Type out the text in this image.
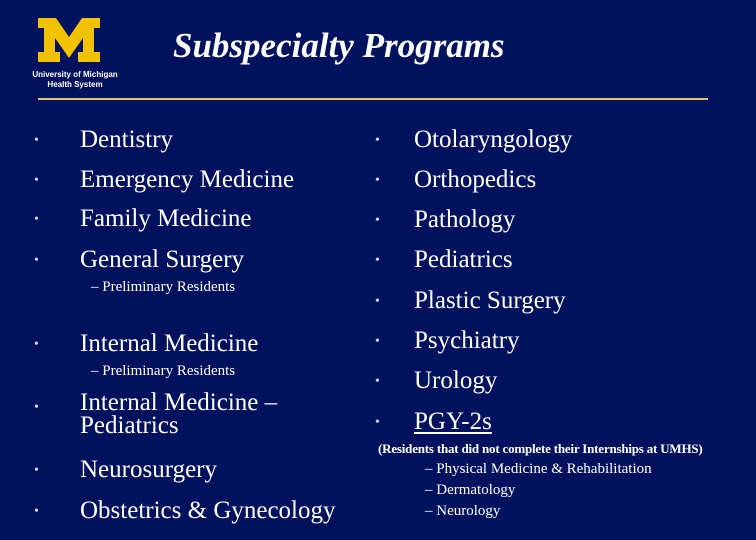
University of Michigan
Health System
Subspecialty Programs
• Dentistry
• Emergency Medicine
• Family Medicine
• General Surgery
– Preliminary Residents
• Internal Medicine
– Preliminary Residents
• Internal Medicine –
Pediatrics
• Neurosurgery
• Obstetrics & Gynecology
• Otolaryngology
• Orthopedics
• Pathology
• Pediatrics
• Plastic Surgery
• Psychiatry
• Urology
• PGY-2s
(Residents that did not complete their Internships at UMHS)
– Physical Medicine & Rehabilitation
– Dermatology
– Neurology
